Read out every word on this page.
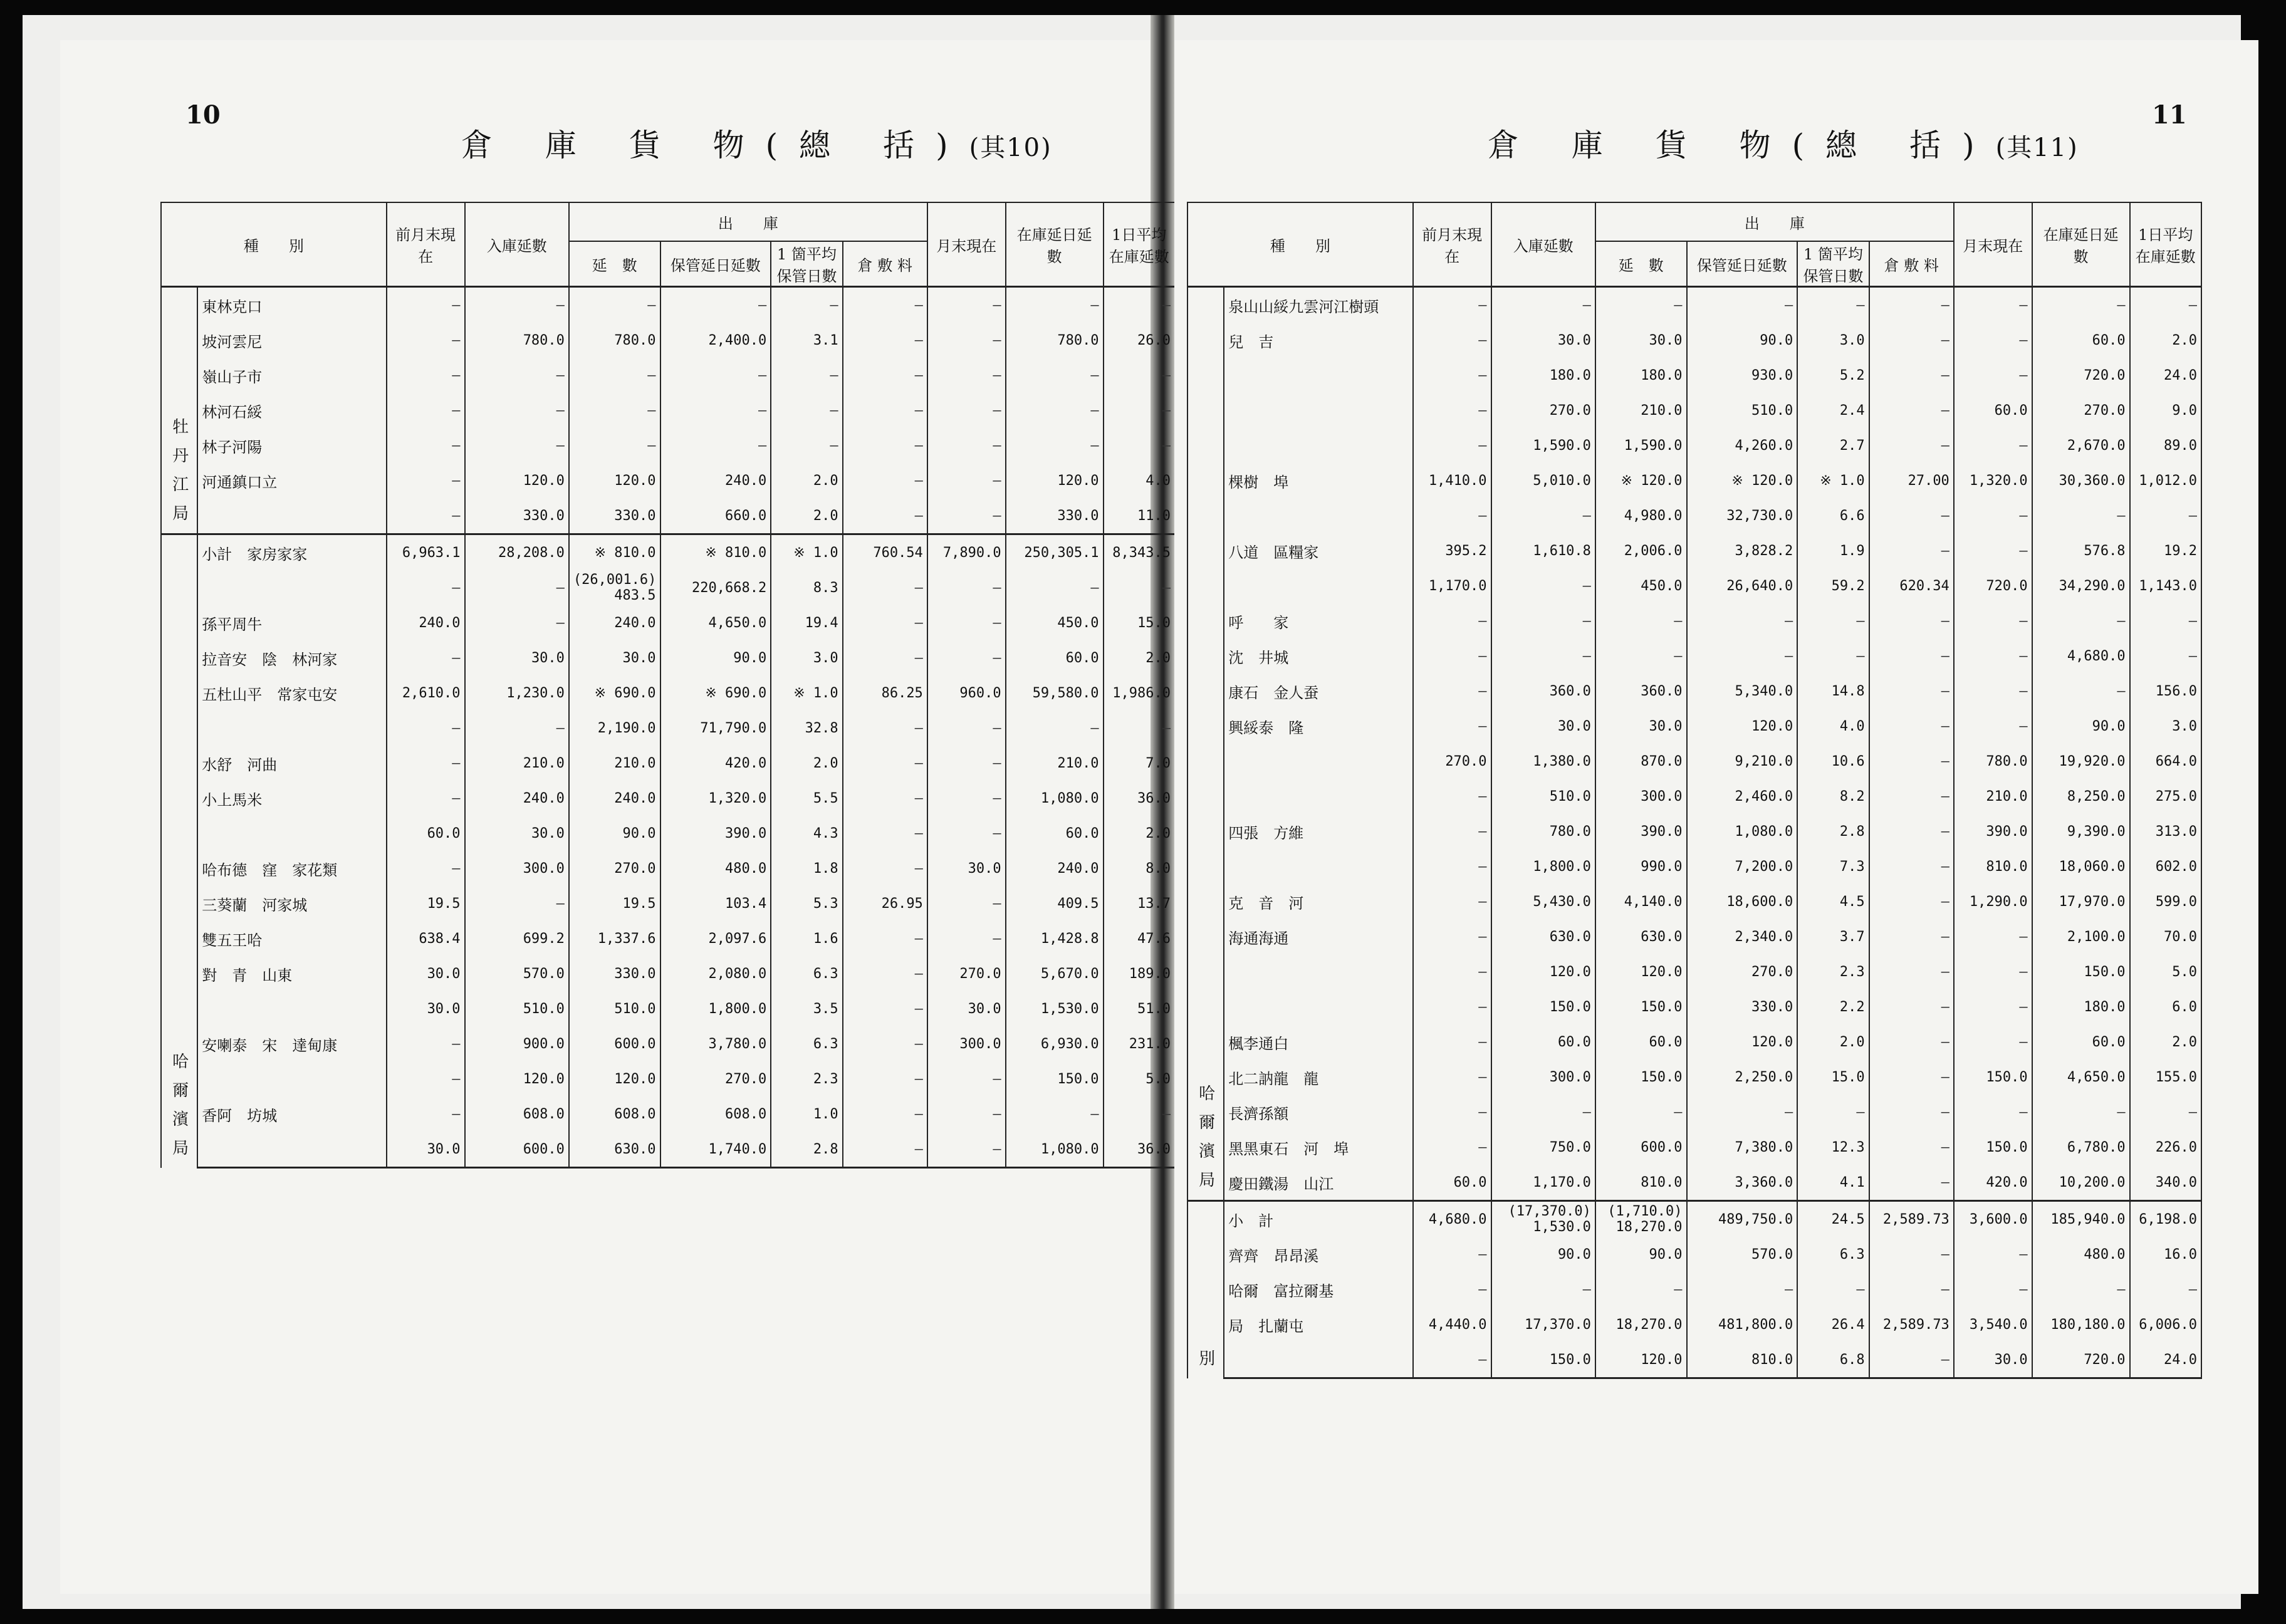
10
倉 庫 貨 物(總 括)(其10)
種　　別		前月末現在	入庫延數	出　　庫				月末現在	在庫延日延數	1日平均在庫延數
				延　數	保管延日延數	1 箇平均保管日數	倉 敷 料			
牡丹江局	東林克口	—	—	—	—	—	—	—	—	—
	坡河雲尼	—	780.0	780.0	2,400.0	3.1	—	—	780.0	26.0
	嶺山子市	—	—	—	—	—	—	—	—	—
	林河石綏	—	—	—	—	—	—	—	—	—
	林子河陽	—	—	—	—	—	—	—	—	—
	河通鎮口立	—	120.0	120.0	240.0	2.0	—	—	120.0	4.0
		—	330.0	330.0	660.0	2.0	—	—	330.0	11.0
哈爾濱局	小計　家房家家	6,963.1	28,208.0	※ 810.0	※ 810.0	※ 1.0	760.54	7,890.0	250,305.1	8,343.5
		—	—	(26,001.6) 483.5	220,668.2	8.3	—	—	—	—
	孫平周牛	240.0	—	240.0	4,650.0	19.4	—	—	450.0	15.0
	拉音安　陰　林河家	—	30.0	30.0	90.0	3.0	—	—	60.0	2.0
	五杜山平　常家屯安	2,610.0	1,230.0	※ 690.0	※ 690.0	※ 1.0	86.25	960.0	59,580.0	1,986.0
		—	—	2,190.0	71,790.0	32.8	—	—	—	—
	水舒　河曲	—	210.0	210.0	420.0	2.0	—	—	210.0	7.0
	小上馬米	—	240.0	240.0	1,320.0	5.5	—	—	1,080.0	36.0
		60.0	30.0	90.0	390.0	4.3	—	—	60.0	2.0
	哈布德　窪　家花類	—	300.0	270.0	480.0	1.8	—	30.0	240.0	8.0
	三葵蘭　河家城	19.5	—	19.5	103.4	5.3	26.95	—	409.5	13.7
	雙五王哈	638.4	699.2	1,337.6	2,097.6	1.6	—	—	1,428.8	47.6
	對　青　山東	30.0	570.0	330.0	2,080.0	6.3	—	270.0	5,670.0	189.0
		30.0	510.0	510.0	1,800.0	3.5	—	30.0	1,530.0	51.0
	安喇泰　宋　達甸康	—	900.0	600.0	3,780.0	6.3	—	300.0	6,930.0	231.0
		—	120.0	120.0	270.0	2.3	—	—	150.0	5.0
	香阿　坊城	—	608.0	608.0	608.0	1.0	—	—	—	—
		30.0	600.0	630.0	1,740.0	2.8	—	—	1,080.0	36.0
11
倉 庫 貨 物(總 括)(其11)
種　　別		前月末現在	入庫延數	出　　庫				月末現在	在庫延日延數	1日平均在庫延數
				延　數	保管延日延數	1 箇平均保管日數	倉 敷 料			
哈爾濱局	泉山山綏九雲河江樹頭	—	—	—	—	—	—	—	—	—
	兒　吉	—	30.0	30.0	90.0	3.0	—	—	60.0	2.0
		—	180.0	180.0	930.0	5.2	—	—	720.0	24.0
		—	270.0	210.0	510.0	2.4	—	60.0	270.0	9.0
		—	1,590.0	1,590.0	4,260.0	2.7	—	—	2,670.0	89.0
	棵樹　埠	1,410.0	5,010.0	※ 120.0	※ 120.0	※ 1.0	27.00	1,320.0	30,360.0	1,012.0
		—	—	4,980.0	32,730.0	6.6	—	—	—	—
	八道　區糧家	395.2	1,610.8	2,006.0	3,828.2	1.9	—	—	576.8	19.2
		1,170.0	—	450.0	26,640.0	59.2	620.34	720.0	34,290.0	1,143.0
	呼　　家	—	—	—	—	—	—	—	—	—
	沈　井城	—	—	—	—	—	—	—	4,680.0	—
	康石　金人蚕	—	360.0	360.0	5,340.0	14.8	—	—	—	156.0
	興綏泰　隆	—	30.0	30.0	120.0	4.0	—	—	90.0	3.0
		270.0	1,380.0	870.0	9,210.0	10.6	—	780.0	19,920.0	664.0
		—	510.0	300.0	2,460.0	8.2	—	210.0	8,250.0	275.0
	四張　方維	—	780.0	390.0	1,080.0	2.8	—	390.0	9,390.0	313.0
		—	1,800.0	990.0	7,200.0	7.3	—	810.0	18,060.0	602.0
	克　音　河	—	5,430.0	4,140.0	18,600.0	4.5	—	1,290.0	17,970.0	599.0
	海通海通	—	630.0	630.0	2,340.0	3.7	—	—	2,100.0	70.0
		—	120.0	120.0	270.0	2.3	—	—	150.0	5.0
		—	150.0	150.0	330.0	2.2	—	—	180.0	6.0
	楓李通白	—	60.0	60.0	120.0	2.0	—	—	60.0	2.0
	北二訥龍　龍	—	300.0	150.0	2,250.0	15.0	—	150.0	4,650.0	155.0
	長濟孫額	—	—	—	—	—	—	—	—	—
	黑黑東石　河　埠	—	750.0	600.0	7,380.0	12.3	—	150.0	6,780.0	226.0
	慶田鐵湯　山江	60.0	1,170.0	810.0	3,360.0	4.1	—	420.0	10,200.0	340.0
別	小　計	4,680.0	(17,370.0) 1,530.0	(1,710.0) 18,270.0	489,750.0	24.5	2,589.73	3,600.0	185,940.0	6,198.0
	齊齊　昂昂溪	—	90.0	90.0	570.0	6.3	—	—	480.0	16.0
	哈爾　富拉爾基	—	—	—	—	—	—	—	—	—
	局　扎蘭屯	4,440.0	17,370.0	18,270.0	481,800.0	26.4	2,589.73	3,540.0	180,180.0	6,006.0
		—	150.0	120.0	810.0	6.8	—	30.0	720.0	24.0
